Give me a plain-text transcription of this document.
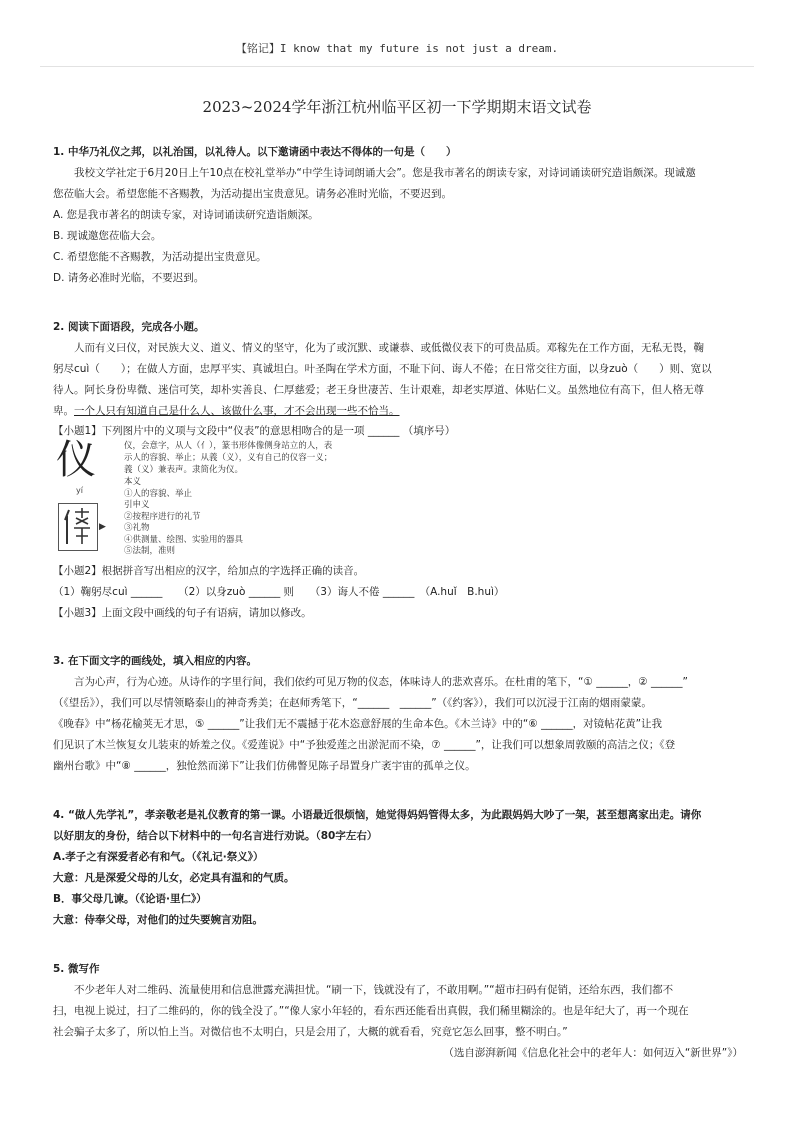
【铭记】I know that my future is not just a dream.
2023~2024学年浙江杭州临平区初一下学期期末语文试卷
1. 中华乃礼仪之邦，以礼治国，以礼待人。以下邀请函中表达不得体的一句是（　　）
我校文学社定于6月20日上午10点在校礼堂举办“中学生诗词朗诵大会”。您是我市著名的朗读专家，对诗词诵读研究造诣颇深。现诚邀
您莅临大会。希望您能不吝赐教，为活动提出宝贵意见。请务必准时光临，不要迟到。
A. 您是我市著名的朗读专家，对诗词诵读研究造诣颇深。
B. 现诚邀您莅临大会。
C. 希望您能不吝赐教，为活动提出宝贵意见。
D. 请务必准时光临，不要迟到。
2. 阅读下面语段，完成各小题。
人而有义曰仪，对民族大义、道义、情义的坚守，化为了或沉默、或谦恭、或低微仪表下的可贵品质。邓稼先在工作方面，无私无畏，鞠
躬尽cuì（　　）；在做人方面，忠厚平实、真诚坦白。叶圣陶在学术方面，不耻下问、诲人不倦；在日常交往方面，以身zuò（　　）则、宽以
待人。阿长身份卑微、迷信可笑，却朴实善良、仁厚慈爱；老王身世凄苦、生计艰难，却老实厚道、体贴仁义。虽然地位有高下，但人格无尊
卑。一个人只有知道自己是什么人、该做什么事，才不会出现一些不恰当。
【小题1】下列图片中的义项与文段中“仪表”的意思相吻合的是一项 ______ （填序号）
仪
yí
▶
仪，会意字，从人（亻），篆书形体像侧身站立的人，表
示人的容貌、举止；从義（义），义有自己的仪容一义；
義（义）兼表声。隶简化为仪。
本义
①人的容貌、举止
引申义
②按程序进行的礼节
③礼物
④供测量、绘图、实验用的器具
⑤法制，准则
【小题2】根据拼音写出相应的汉字，给加点的字选择正确的读音。
（1）鞠躬尽cuì ______　　（2）以身zuò ______ 则　　（3）诲人不倦 ______　（A.huǐ　B.huì）
【小题3】上面文段中画线的句子有语病，请加以修改。
3. 在下面文字的画线处，填入相应的内容。
言为心声，行为心迹。从诗作的字里行间，我们依约可见万物的仪态，体味诗人的悲欢喜乐。在杜甫的笔下，“① ______，② ______”
（《望岳》），我们可以尽情领略泰山的神奇秀美；在赵师秀笔下，“______　______”（《约客》），我们可以沉浸于江南的烟雨蒙蒙。
《晚春》中“杨花榆荚无才思，⑤ ______”让我们无不震撼于花木恣意舒展的生命本色。《木兰诗》中的“⑥ ______，对镜帖花黄”让我
们见识了木兰恢复女儿装束的娇羞之仪。《爱莲说》中“予独爱莲之出淤泥而不染，⑦ ______”，让我们可以想象周敦颐的高洁之仪；《登
幽州台歌》中“⑧ ______，独怆然而涕下”让我们仿佛瞥见陈子昂置身广袤宇宙的孤单之仪。
4. “做人先学礼”，孝亲敬老是礼仪教育的第一课。小语最近很烦恼，她觉得妈妈管得太多，为此跟妈妈大吵了一架，甚至想离家出走。请你
以好朋友的身份，结合以下材料中的一句名言进行劝说。（80字左右）
A.孝子之有深爱者必有和气。（《礼记·祭义》）
大意：凡是深爱父母的儿女，必定具有温和的气质。
B．事父母几谏。（《论语·里仁》）
大意：侍奉父母，对他们的过失要婉言劝阻。
5. 微写作
不少老年人对二维码、流量使用和信息泄露充满担忧。“刷一下，钱就没有了，不敢用啊。”“超市扫码有促销，还给东西，我们都不
扫，电视上说过，扫了二维码的，你的钱全没了。”“像人家小年轻的，看东西还能看出真假，我们稀里糊涂的。也是年纪大了，再一个现在
社会骗子太多了，所以怕上当。对微信也不太明白，只是会用了，大概的就看看，究竟它怎么回事，整不明白。”
（选自澎湃新闻《信息化社会中的老年人：如何迈入“新世界”》）
